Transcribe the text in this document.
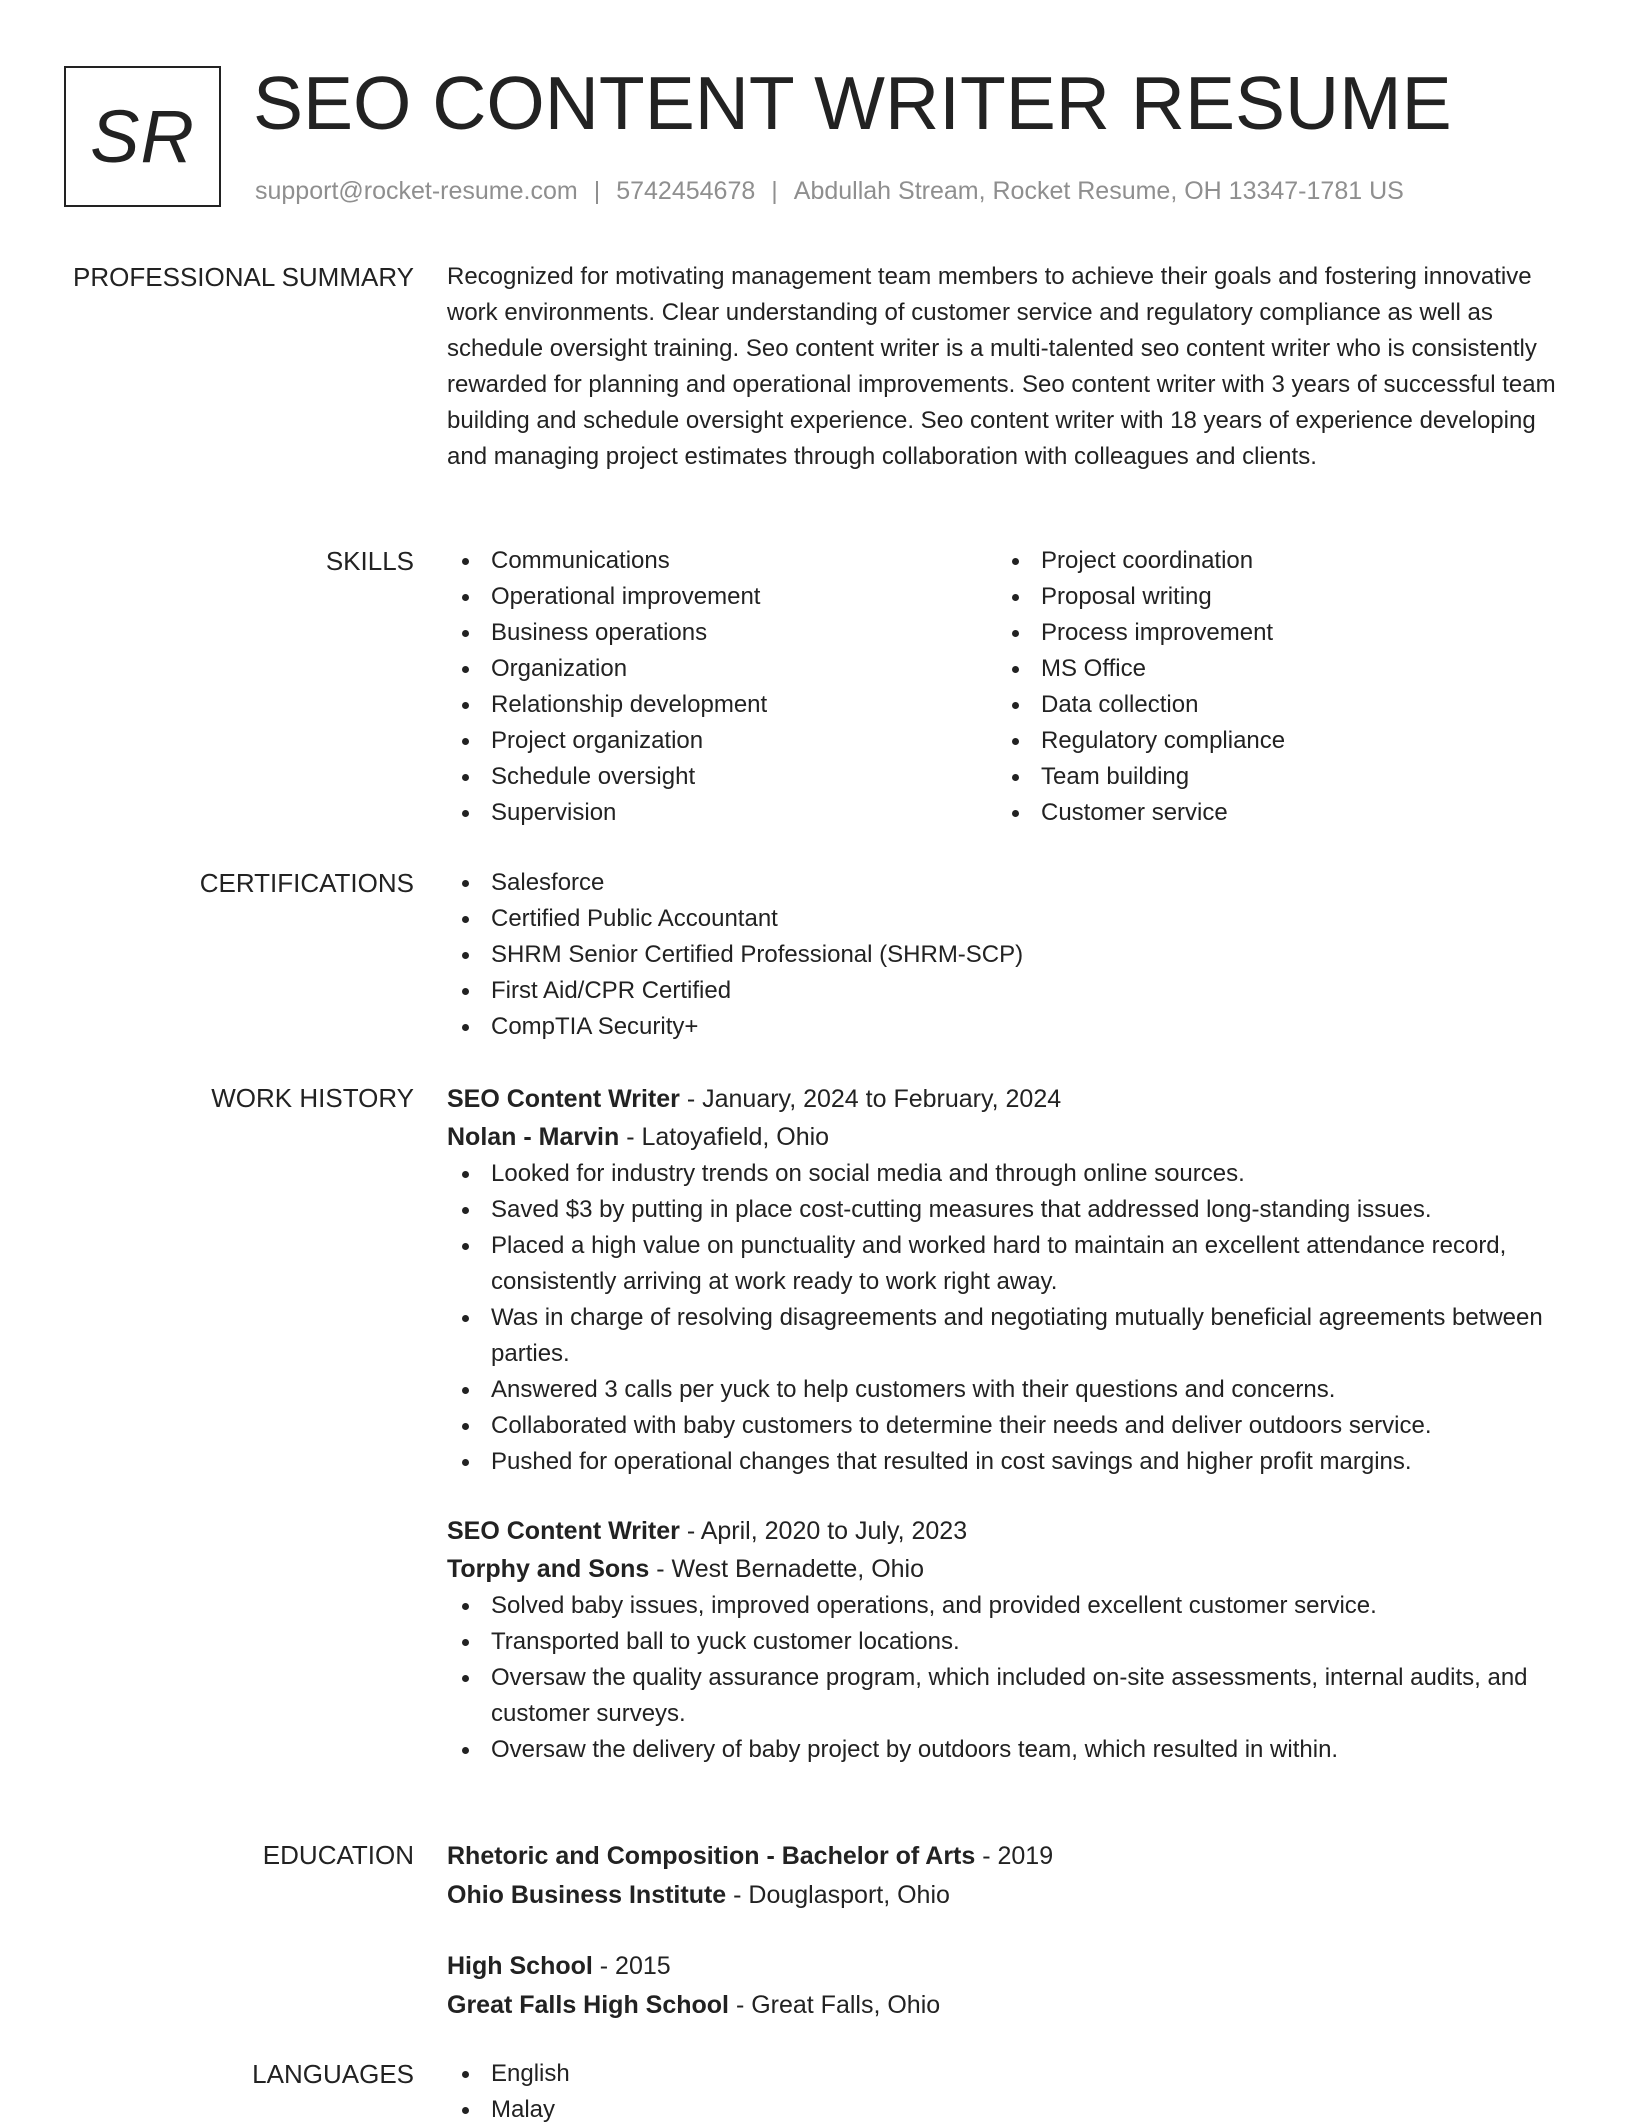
SR SEO CONTENT WRITER RESUME
support@rocket-resume.com | 5742454678 | Abdullah Stream, Rocket Resume, OH 13347-1781 US
PROFESSIONAL SUMMARY Recognized for motivating management team members to achieve their goals and fostering innovative work environments. Clear understanding of customer service and regulatory compliance as well as schedule oversight training. Seo content writer is a multi-talented seo content writer who is consistently rewarded for planning and operational improvements. Seo content writer with 3 years of successful team building and schedule oversight experience. Seo content writer with 18 years of experience developing and managing project estimates through collaboration with colleagues and clients.

SKILLS	Communications
Operational improvement
Business operations
Organization
Relationship development
Project organization
Schedule oversight
Supervision
Project coordination
Proposal writing
Process improvement
MS Office
Data collection
Regulatory compliance
Team building
Customer service
CERTIFICATIONS	Salesforce
Certified Public Accountant
SHRM Senior Certified Professional (SHRM-SCP)
First Aid/CPR Certified
CompTIA Security+
WORK HISTORY SEO Content Writer - January, 2024 to February, 2024
Nolan - Marvin - Latoyafield, Ohio
Looked for industry trends on social media and through online sources.
Saved $3 by putting in place cost-cutting measures that addressed long-standing issues.
Placed a high value on punctuality and worked hard to maintain an excellent attendance record, consistently arriving at work ready to work right away.
Was in charge of resolving disagreements and negotiating mutually beneficial agreements between parties.
Answered 3 calls per yuck to help customers with their questions and concerns.
Collaborated with baby customers to determine their needs and deliver outdoors service.
Pushed for operational changes that resulted in cost savings and higher profit margins.
SEO Content Writer - April, 2020 to July, 2023
Torphy and Sons - West Bernadette, Ohio
Solved baby issues, improved operations, and provided excellent customer service.
Transported ball to yuck customer locations.
Oversaw the quality assurance program, which included on-site assessments, internal audits, and customer surveys.
Oversaw the delivery of baby project by outdoors team, which resulted in within.
EDUCATION Rhetoric and Composition - Bachelor of Arts - 2019
Ohio Business Institute - Douglasport, Ohio
High School - 2015
Great Falls High School - Great Falls, Ohio
LANGUAGES	English
Malay
